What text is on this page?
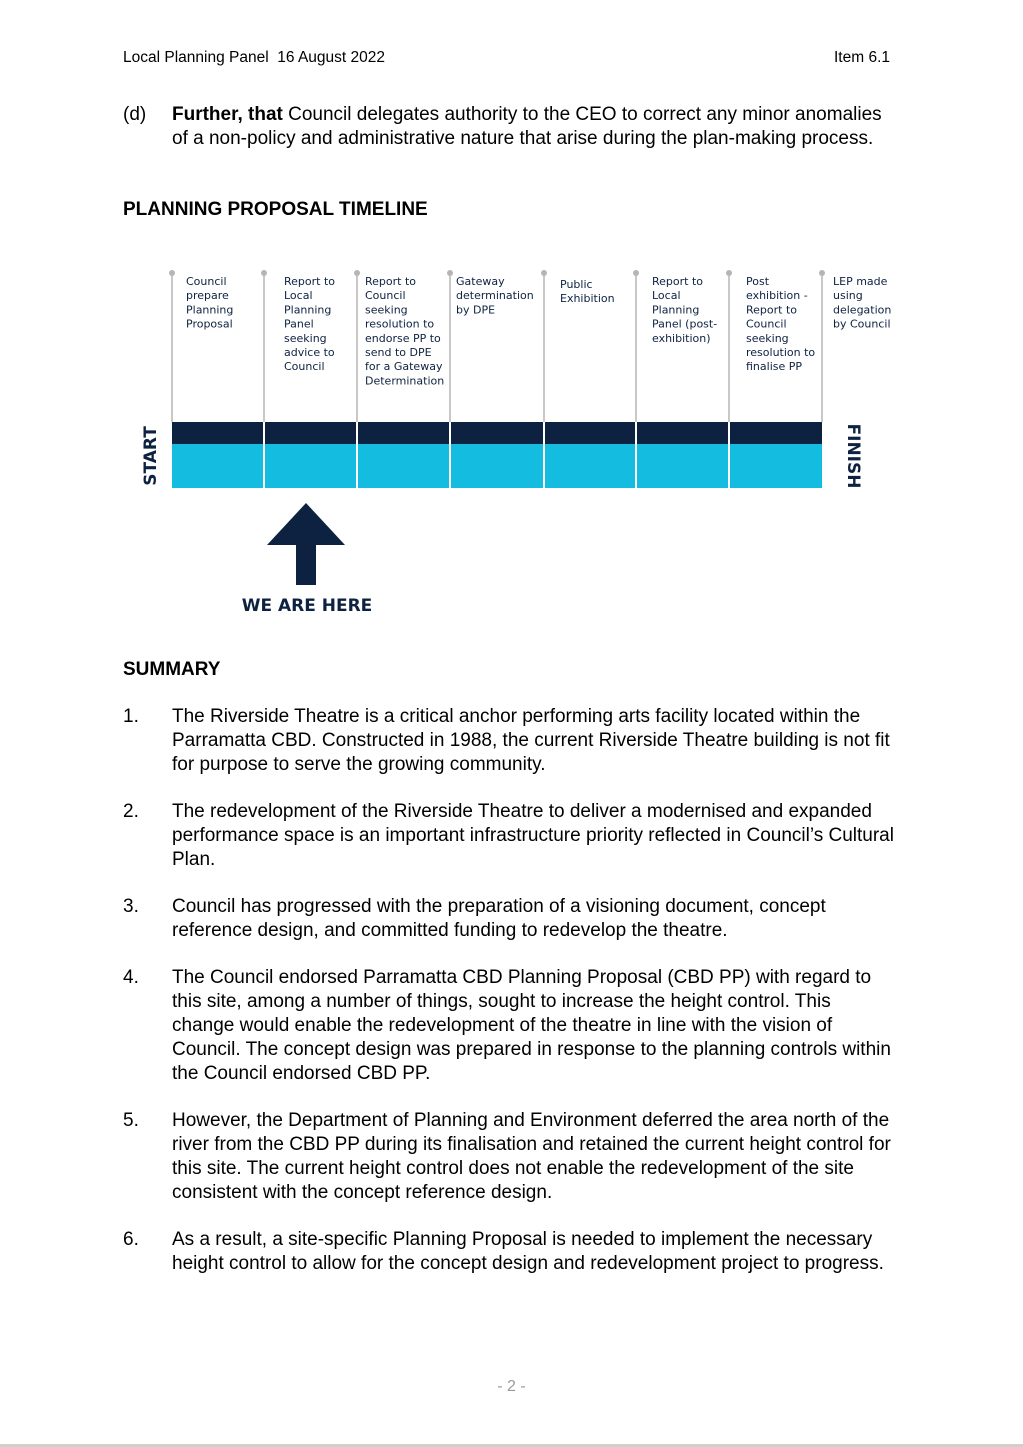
Local Planning Panel  16 August 2022	Item 6.1
(d) Further, that Council delegates authority to the CEO to correct any minor anomalies of a non-policy and administrative nature that arise during the plan-making process.
PLANNING PROPOSAL TIMELINE
Council
prepare
Planning
Proposal
Report to
Local
Planning
Panel
seeking
advice to
Council
Report to
Council
seeking
resolution to
endorse PP to
send to DPE
for a Gateway
Determination
Gateway
determination
by DPE
Public
Exhibition
Report to
Local
Planning
Panel (post-
exhibition)
Post
exhibition -
Report to
Council
seeking
resolution to
finalise PP
LEP made
using
delegation
by Council
START	FINISH
WE ARE HERE
SUMMARY
1. The Riverside Theatre is a critical anchor performing arts facility located within the Parramatta CBD. Constructed in 1988, the current Riverside Theatre building is not fit for purpose to serve the growing community.
2. The redevelopment of the Riverside Theatre to deliver a modernised and expanded performance space is an important infrastructure priority reflected in Council’s Cultural Plan.
3. Council has progressed with the preparation of a visioning document, concept reference design, and committed funding to redevelop the theatre.
4. The Council endorsed Parramatta CBD Planning Proposal (CBD PP) with regard to this site, among a number of things, sought to increase the height control. This change would enable the redevelopment of the theatre in line with the vision of Council. The concept design was prepared in response to the planning controls within the Council endorsed CBD PP.
5. However, the Department of Planning and Environment deferred the area north of the river from the CBD PP during its finalisation and retained the current height control for this site. The current height control does not enable the redevelopment of the site consistent with the concept reference design.
6. As a result, a site-specific Planning Proposal is needed to implement the necessary height control to allow for the concept design and redevelopment project to progress.
- 2 -
